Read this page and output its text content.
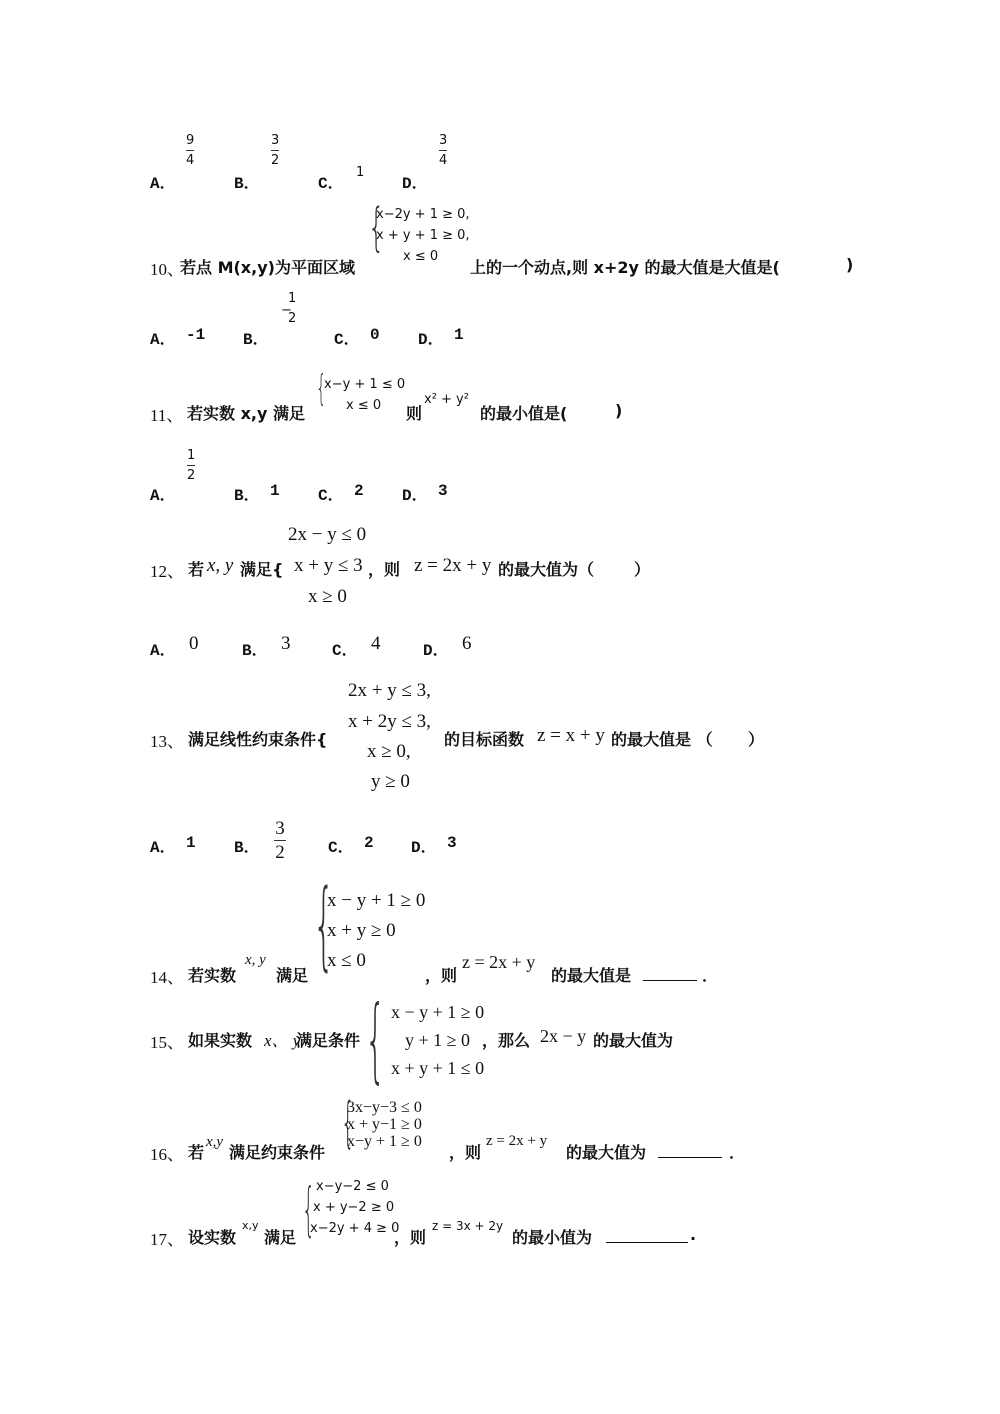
A．
9
4
B．
3
2
C．
1
D．
3
4
10、
若点 M(x,y)为平面区域
{
x−2y + 1 ≥ 0,
x + y + 1 ≥ 0,
x ≤ 0
上的一个动点,则 x+2y 的最大值是大值是(	)
A． -1 B．
−
1
2
C． 0 D． 1
11、 若实数 x,y 满足
{
x−y + 1 ≤ 0
x ≤ 0	则
x² + y²
的最小值是(	)
A．
1
2
B． 1 C． 2 D． 3
2x − y ≤ 0
12、 若 x, y 满足{ x + y ≤ 3
x ≥ 0
，则 z = 2x + y 的最大值为（ ）
A． 0	B． 3	C． 4	D． 6
2x + y ≤ 3,
x + 2y ≤ 3,
x ≥ 0,
y ≥ 0
13、 满足线性约束条件{	的目标函数 z = x + y 的最大值是 （ ）
A． 1 B．
3
2	C． 2 D． 3
{
x − y + 1 ≥ 0
x + y ≥ 0
x ≤ 0
14、 若实数
x, y
满足	，则
z = 2x + y
的最大值是	．
15、 如果实数 x、 y
满足条件 { x − y + 1 ≥ 0
y + 1 ≥ 0
x + y + 1 ≤ 0
，那么 2x − y 的最大值为
{
3x−y−3 ≤ 0
x + y−1 ≥ 0
x−y + 1 ≥ 0
16、 若
x,y
满足约束条件	，则
z = 2x + y
的最大值为	．
{ x−y−2 ≤ 0
x + y−2 ≥ 0
x−2y + 4 ≥ 0
17、 设实数
x,y
满足	，则
z = 3x + 2y
的最小值为	.
